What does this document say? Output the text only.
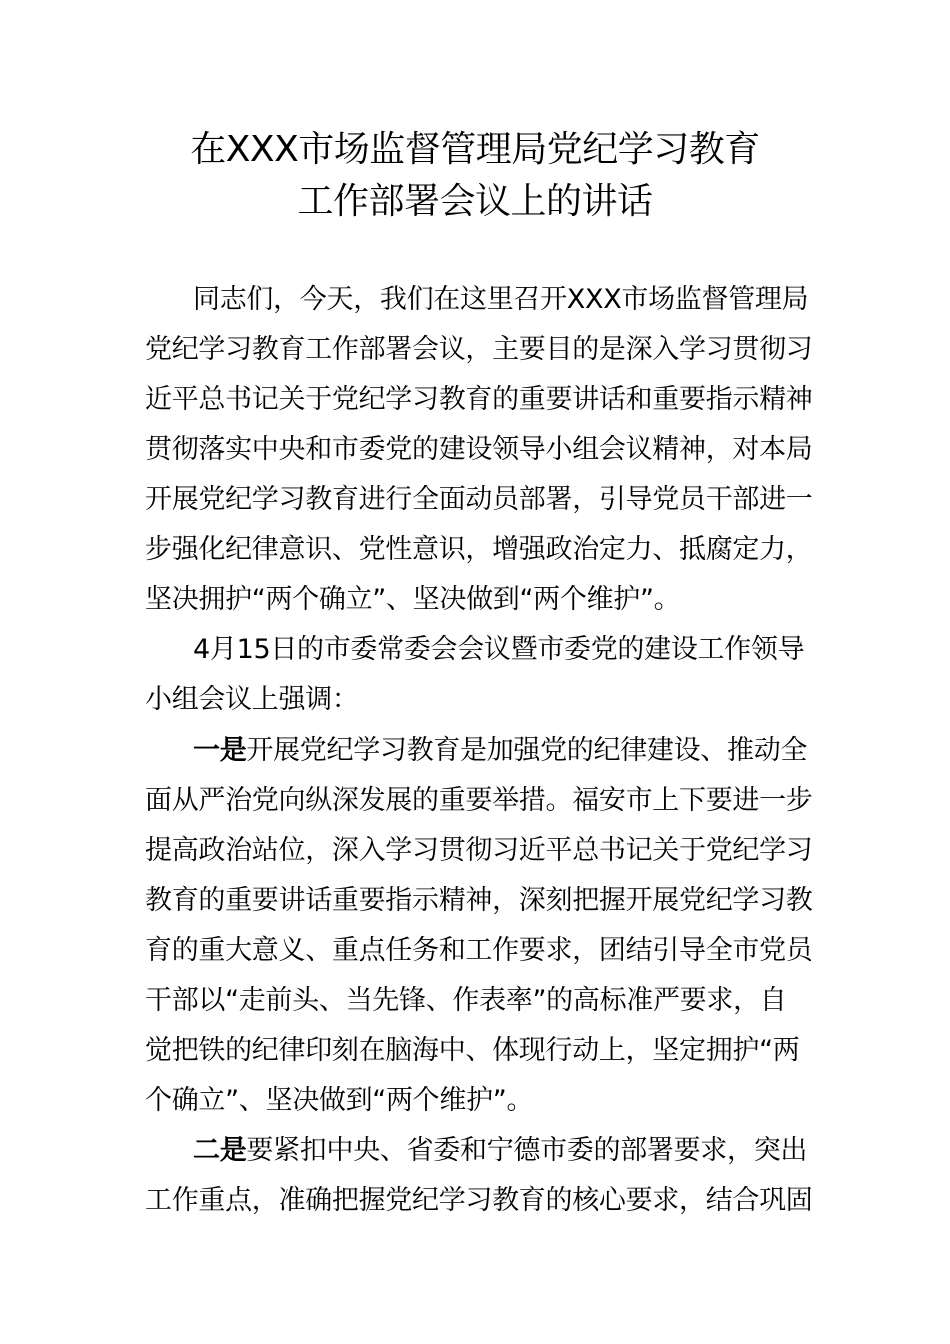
在XXX市场监督管理局党纪学习教育
工作部署会议上的讲话
同志们，今天，我们在这里召开XXX市场监督管理局
党纪学习教育工作部署会议，主要目的是深入学习贯彻习
近平总书记关于党纪学习教育的重要讲话和重要指示精神
贯彻落实中央和市委党的建设领导小组会议精神，对本局
开展党纪学习教育进行全面动员部署，引导党员干部进一
步强化纪律意识、党性意识，增强政治定力、抵腐定力，
坚决拥护“两个确立”、坚决做到“两个维护”。
4月15日的市委常委会会议暨市委党的建设工作领导
小组会议上强调：
一是开展党纪学习教育是加强党的纪律建设、推动全
面从严治党向纵深发展的重要举措。福安市上下要进一步
提高政治站位，深入学习贯彻习近平总书记关于党纪学习
教育的重要讲话重要指示精神，深刻把握开展党纪学习教
育的重大意义、重点任务和工作要求，团结引导全市党员
干部以“走前头、当先锋、作表率”的高标准严要求，自
觉把铁的纪律印刻在脑海中、体现行动上，坚定拥护“两
个确立”、坚决做到“两个维护”。
二是要紧扣中央、省委和宁德市委的部署要求，突出
工作重点，准确把握党纪学习教育的核心要求，结合巩固
